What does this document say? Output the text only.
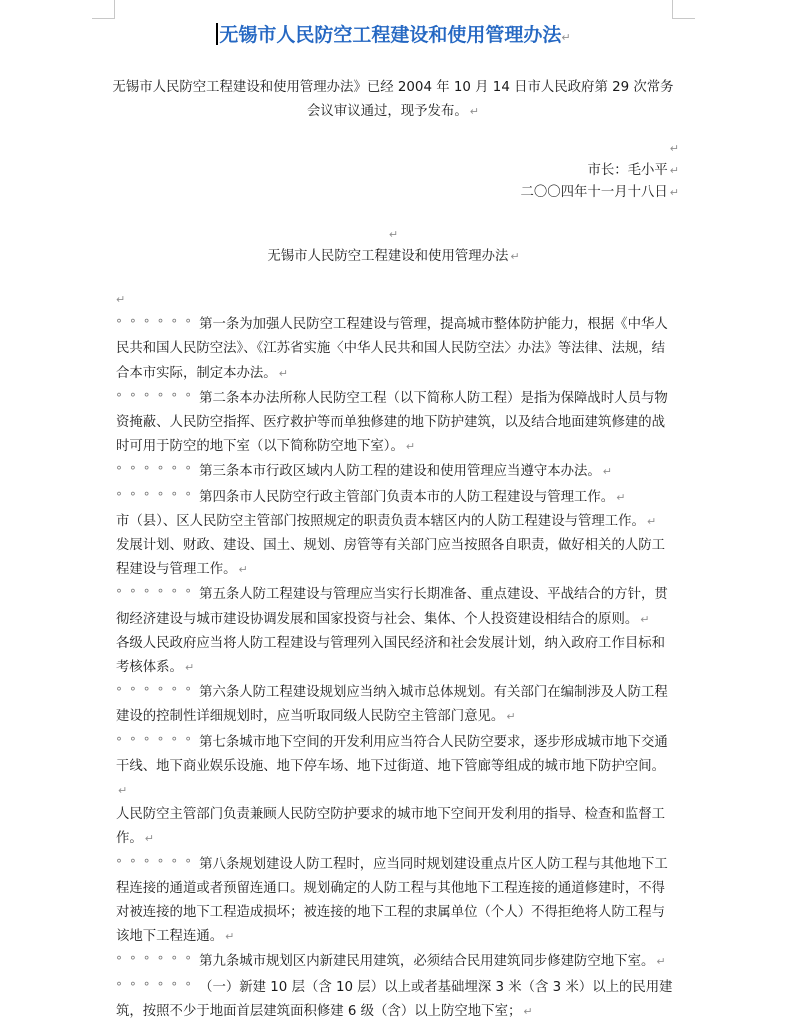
无锡市人民防空工程建设和使用管理办法↵
无锡市人民防空工程建设和使用管理办法》已经 2004 年 10 月 14 日市人民政府第 29 次常务会议审议通过，现予发布。 ↵
↵
市长：毛小平 ↵
二〇〇四年十一月十八日 ↵
↵
无锡市人民防空工程建设和使用管理办法 ↵

↵

° ° ° ° ° ° 第一条为加强人民防空工程建设与管理，提高城市整体防护能力，根据《中华人民共和国人民防空法》、《江苏省实施〈中华人民共和国人民防空法〉办法》等法律、法规，结合本市实际，制定本办法。 ↵

° ° ° ° ° ° 第二条本办法所称人民防空工程（以下简称人防工程）是指为保障战时人员与物资掩蔽、人民防空指挥、医疗救护等而单独修建的地下防护建筑，以及结合地面建筑修建的战时可用于防空的地下室（以下简称防空地下室）。 ↵

° ° ° ° ° ° 第三条本市行政区域内人防工程的建设和使用管理应当遵守本办法。 ↵

° ° ° ° ° ° 第四条市人民防空行政主管部门负责本市的人防工程建设与管理工作。 ↵

市（县）、区人民防空主管部门按照规定的职责负责本辖区内的人防工程建设与管理工作。 ↵

发展计划、财政、建设、国土、规划、房管等有关部门应当按照各自职责，做好相关的人防工程建设与管理工作。 ↵

° ° ° ° ° ° 第五条人防工程建设与管理应当实行长期准备、重点建设、平战结合的方针，贯彻经济建设与城市建设协调发展和国家投资与社会、集体、个人投资建设相结合的原则。 ↵

各级人民政府应当将人防工程建设与管理列入国民经济和社会发展计划，纳入政府工作目标和考核体系。 ↵

° ° ° ° ° ° 第六条人防工程建设规划应当纳入城市总体规划。有关部门在编制涉及人防工程建设的控制性详细规划时，应当听取同级人民防空主管部门意见。 ↵

° ° ° ° ° ° 第七条城市地下空间的开发利用应当符合人民防空要求，逐步形成城市地下交通干线、地下商业娱乐设施、地下停车场、地下过街道、地下管廊等组成的城市地下防护空间。↵

人民防空主管部门负责兼顾人民防空防护要求的城市地下空间开发利用的指导、检查和监督工作。 ↵

° ° ° ° ° ° 第八条规划建设人防工程时，应当同时规划建设重点片区人防工程与其他地下工程连接的通道或者预留连通口。规划确定的人防工程与其他地下工程连接的通道修建时，不得对被连接的地下工程造成损坏；被连接的地下工程的隶属单位（个人）不得拒绝将人防工程与该地下工程连通。 ↵

° ° ° ° ° ° 第九条城市规划区内新建民用建筑，必须结合民用建筑同步修建防空地下室。 ↵

° ° ° ° ° ° （一）新建 10 层（含 10 层）以上或者基础埋深 3 米（含 3 米）以上的民用建筑，按照不少于地面首层建筑面积修建 6 级（含）以上防空地下室； ↵
